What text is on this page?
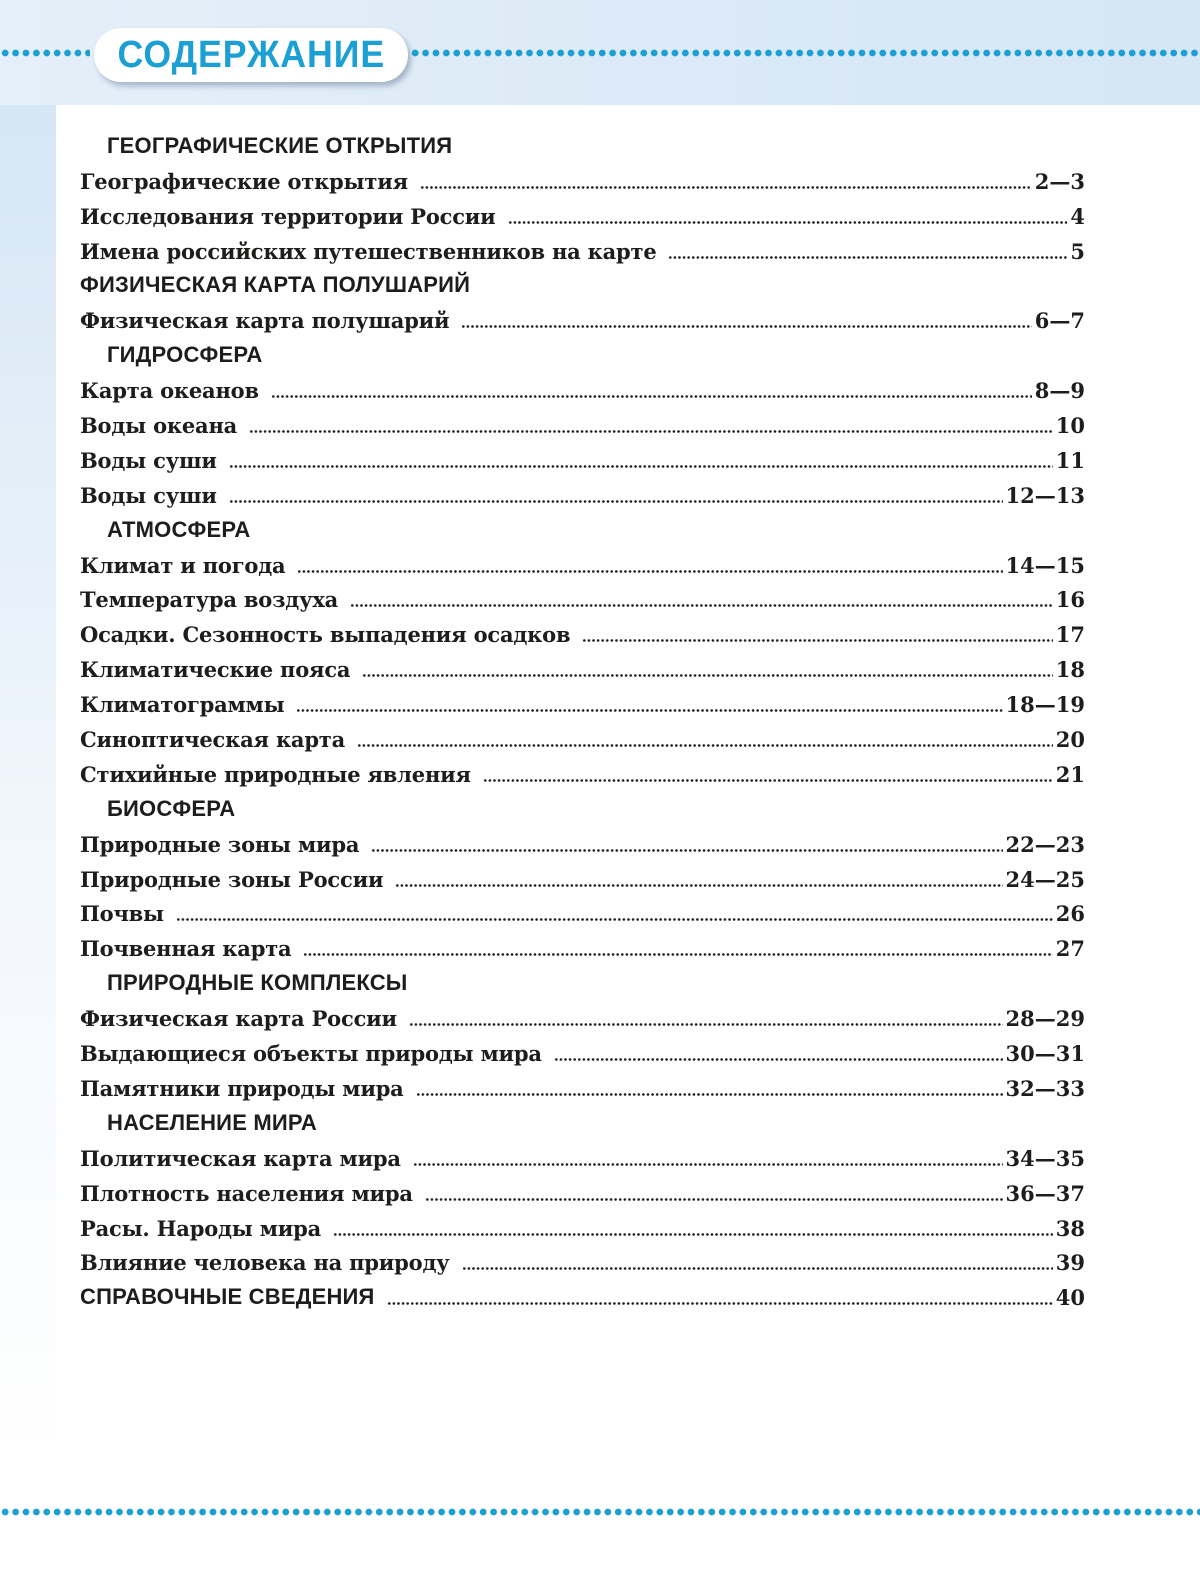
СОДЕРЖАНИЕ
ГЕОГРАФИЧЕСКИЕ ОТКРЫТИЯ
Географические открытия	2—3
Исследования территории России	4
Имена российских путешественников на карте	5
ФИЗИЧЕСКАЯ КАРТА ПОЛУШАРИЙ
Физическая карта полушарий	6—7
ГИДРОСФЕРА
Карта океанов	8—9
Воды океана	10
Воды суши	11
Воды суши	12—13
АТМОСФЕРА
Климат и погода	14—15
Температура воздуха	16
Осадки. Сезонность выпадения осадков	17
Климатические пояса	18
Климатограммы	18—19
Синоптическая карта	20
Стихийные природные явления	21
БИОСФЕРА
Природные зоны мира	22—23
Природные зоны России	24—25
Почвы	26
Почвенная карта	27
ПРИРОДНЫЕ КОМПЛЕКСЫ
Физическая карта России	28—29
Выдающиеся объекты природы мира	30—31
Памятники природы мира	32—33
НАСЕЛЕНИЕ МИРА
Политическая карта мира	34—35
Плотность населения мира	36—37
Расы. Народы мира	38
Влияние человека на природу	39
СПРАВОЧНЫЕ СВЕДЕНИЯ	40
